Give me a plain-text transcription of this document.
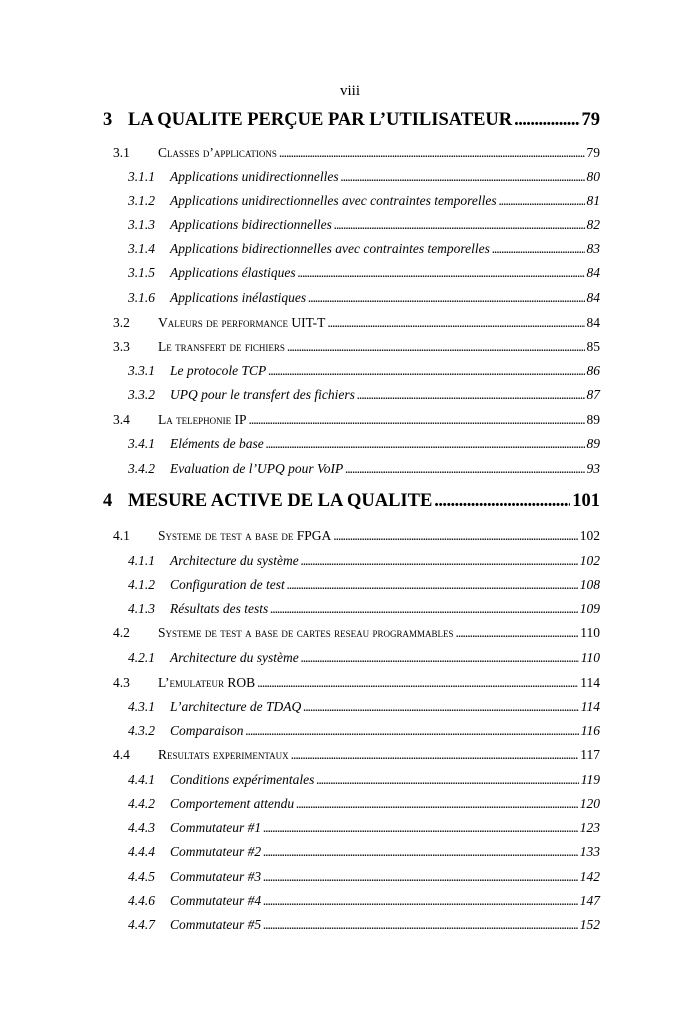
viii
3 LA QUALITE PERÇUE PAR L’UTILISATEUR . . .	79
3.1	Classes d’applications . . .	79
3.1.1	Applications unidirectionnelles . . .	80
3.1.2	Applications unidirectionnelles avec contraintes temporelles . . .	81
3.1.3	Applications bidirectionnelles . . .	82
3.1.4	Applications bidirectionnelles avec contraintes temporelles . . .	83
3.1.5	Applications élastiques . . .	84
3.1.6	Applications inélastiques . . .	84
3.2	Valeurs de performance UIT-T . . .	84
3.3	Le transfert de fichiers . . .	85
3.3.1	Le protocole TCP . . .	86
3.3.2	UPQ pour le transfert des fichiers . . .	87
3.4	La telephonie IP . . .	89
3.4.1	Eléments de base . . .	89
3.4.2	Evaluation de l’UPQ pour VoIP . . .	93
4 MESURE ACTIVE DE LA QUALITE . . .	101
4.1	Systeme de test a base de FPGA . . .	102
4.1.1	Architecture du système . . .	102
4.1.2	Configuration de test . . .	108
4.1.3	Résultats des tests . . .	109
4.2	Systeme de test a base de cartes reseau programmables . . .	110
4.2.1	Architecture du système . . .	110
4.3	L’emulateur ROB . . .	114
4.3.1	L’architecture de TDAQ . . .	114
4.3.2	Comparaison . . .	116
4.4	Resultats experimentaux . . .	117
4.4.1	Conditions expérimentales . . .	119
4.4.2	Comportement attendu . . .	120
4.4.3	Commutateur #1 . . .	123
4.4.4	Commutateur #2 . . .	133
4.4.5	Commutateur #3 . . .	142
4.4.6	Commutateur #4 . . .	147
4.4.7	Commutateur #5 . . .	152
